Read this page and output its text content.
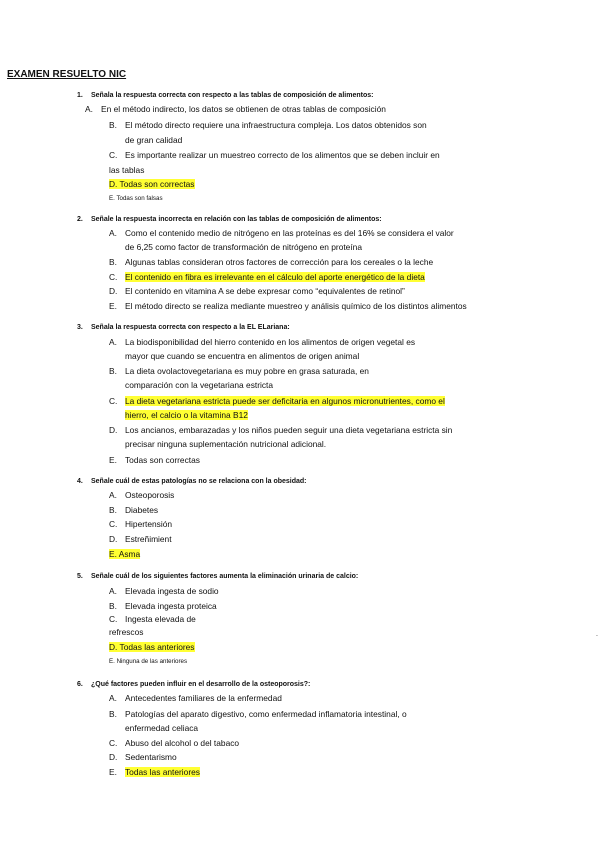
EXAMEN RESUELTO NIC
1. Señala la respuesta correcta con respecto a las tablas de composición de alimentos:
A. En el método indirecto, los datos se obtienen de otras tablas de composición
B. El método directo requiere una infraestructura compleja. Los datos obtenidos son
de gran calidad
C. Es importante realizar un muestreo correcto de los alimentos que se deben incluir en
las tablas
D. Todas son correctas
E. Todas son falsas
2. Señale la respuesta incorrecta en relación con las tablas de composición de alimentos:
A. Como el contenido medio de nitrógeno en las proteínas es del 16% se considera el valor
de 6,25 como factor de transformación de nitrógeno en proteína
B. Algunas tablas consideran otros factores de corrección para los cereales o la leche
C. El contenido en fibra es irrelevante en el cálculo del aporte energético de la dieta
D. El contenido en vitamina A se debe expresar como “equivalentes de retinol”
E. El método directo se realiza mediante muestreo y análisis químico de los distintos alimentos
3. Señala la respuesta correcta con respecto a la EL ELariana:
A. La biodisponibilidad del hierro contenido en los alimentos de origen vegetal es
mayor que cuando se encuentra en alimentos de origen animal
B. La dieta ovolactovegetariana es muy pobre en grasa saturada, en
comparación con la vegetariana estricta
C. La dieta vegetariana estricta puede ser deficitaria en algunos micronutrientes, como el
hierro, el calcio o la vitamina B12
D. Los ancianos, embarazadas y los niños pueden seguir una dieta vegetariana estricta sin
precisar ninguna suplementación nutricional adicional.
E. Todas son correctas
4. Señale cuál de estas patologías no se relaciona con la obesidad:
A. Osteoporosis
B. Diabetes
C. Hipertensión
D. Estreñimient
E. Asma
5. Señale cuál de los siguientes factores aumenta la eliminación urinaria de calcio:
A. Elevada ingesta de sodio
B. Elevada ingesta proteica
C. Ingesta elevada de
refrescos
D. Todas las anteriores
E. Ninguna de las anteriores
6. ¿Qué factores pueden influir en el desarrollo de la osteoporosis?:
A. Antecedentes familiares de la enfermedad
B. Patologías del aparato digestivo, como enfermedad inflamatoria intestinal, o
enfermedad celiaca
C. Abuso del alcohol o del tabaco
D. Sedentarismo
E. Todas las anteriores
.
